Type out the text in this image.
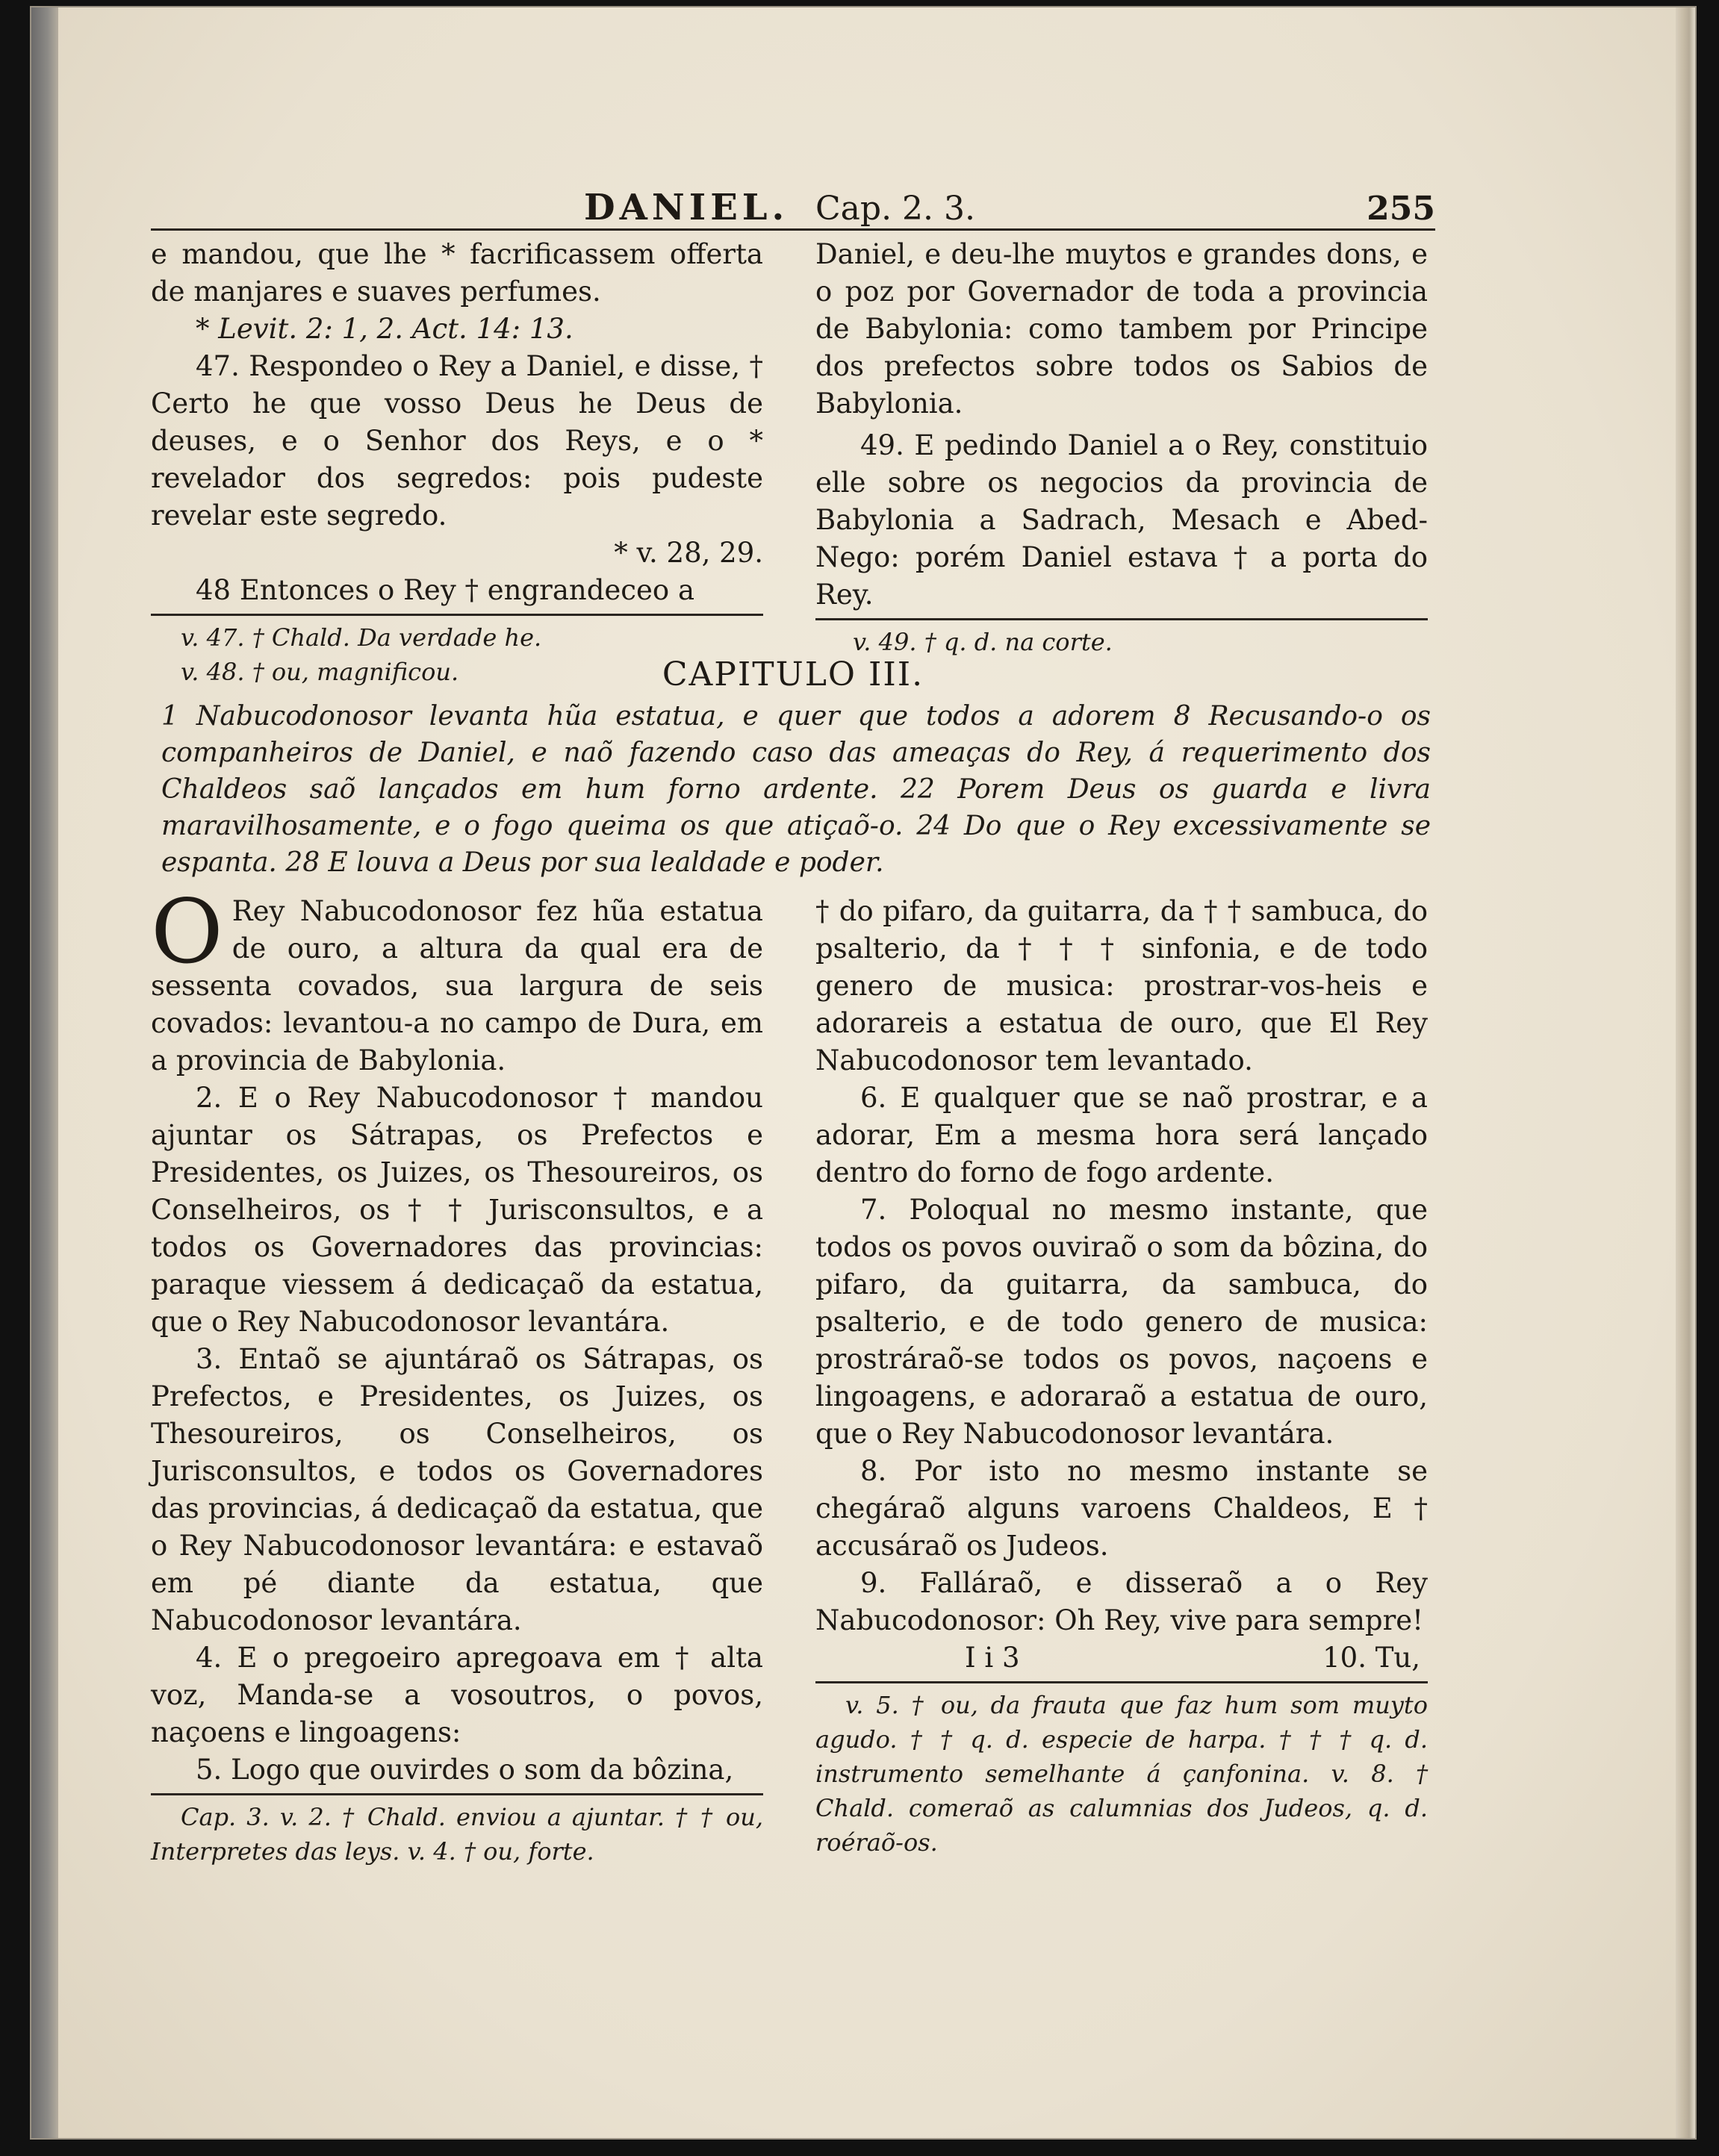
DANIEL. Cap. 2. 3.	255

e mandou, que lhe * facrificassem offerta de manjares e suaves perfumes.

* Levit. 2: 1, 2. Act. 14: 13.

47. Respondeo o Rey a Daniel, e disse, † Certo he que vosso Deus he Deus de deuses, e o Senhor dos Reys, e o * revelador dos segredos: pois pudeste revelar este segredo.

* v. 28, 29.

48 Entonces o Rey † engrandeceo a

v. 47. † Chald. Da verdade he.

v. 48. † ou, magnificou.

Daniel, e deu-lhe muytos e grandes dons, e o poz por Governador de toda a provincia de Babylonia: como tambem por Principe dos prefectos sobre todos os Sabios de Babylonia.

49. E pedindo Daniel a o Rey, constituio elle sobre os negocios da provincia de Babylonia a Sadrach, Mesach e Abed-Nego: porém Daniel estava † a porta do Rey.

v. 49. † q. d. na corte.

CAPITULO III.
1 Nabucodonosor levanta hũa estatua, e quer que todos a adorem 8 Recusando-o os companheiros de Daniel, e naõ fazendo caso das ameaças do Rey, á requerimento dos Chaldeos saõ lançados em hum forno ardente. 22 Porem Deus os guarda e livra maravilhosamente, e o fogo queima os que atiçaõ-o. 24 Do que o Rey excessivamente se espanta. 28 E louva a Deus por sua lealdade e poder.

O Rey Nabucodonosor fez hũa estatua de ouro, a altura da qual era de sessenta covados, sua largura de seis covados: levantou-a no campo de Dura, em a provincia de Babylonia.

2. E o Rey Nabucodonosor † mandou ajuntar os Sátrapas, os Prefectos e Presidentes, os Juizes, os Thesoureiros, os Conselheiros, os † † Jurisconsultos, e a todos os Governadores das provincias: paraque viessem á dedicaçaõ da estatua, que o Rey Nabucodonosor levantára.

3. Entaõ se ajuntáraõ os Sátrapas, os Prefectos, e Presidentes, os Juizes, os Thesoureiros, os Conselheiros, os Jurisconsultos, e todos os Governadores das provincias, á dedicaçaõ da estatua, que o Rey Nabucodonosor levantára: e estavaõ em pé diante da estatua, que Nabucodonosor levantára.

4. E o pregoeiro apregoava em † alta voz, Manda-se a vosoutros, o povos, naçoens e lingoagens:

5. Logo que ouvirdes o som da bôzina,

Cap. 3. v. 2. † Chald. enviou a ajuntar. † † ou, Interpretes das leys. v. 4. † ou, forte.

† do pifaro, da guitarra, da † † sambuca, do psalterio, da † † † sinfonia, e de todo genero de musica: prostrar-vos-heis e adorareis a estatua de ouro, que El Rey Nabucodonosor tem levantado.

6. E qualquer que se naõ prostrar, e a adorar, Em a mesma hora será lançado dentro do forno de fogo ardente.

7. Poloqual no mesmo instante, que todos os povos ouviraõ o som da bôzina, do pifaro, da guitarra, da sambuca, do psalterio, e de todo genero de musica: prostráraõ-se todos os povos, naçoens e lingoagens, e adoraraõ a estatua de ouro, que o Rey Nabucodonosor levantára.

8. Por isto no mesmo instante se chegáraõ alguns varoens Chaldeos, E † accusáraõ os Judeos.

9. Falláraõ, e disseraõ a o Rey Nabucodonosor: Oh Rey, vive para sempre!

I i 3	10. Tu,

v. 5. † ou, da frauta que faz hum som muyto agudo. † † q. d. especie de harpa. † † † q. d. instrumento semelhante á çanfonina. v. 8. † Chald. comeraõ as calumnias dos Judeos, q. d. roéraõ-os.
